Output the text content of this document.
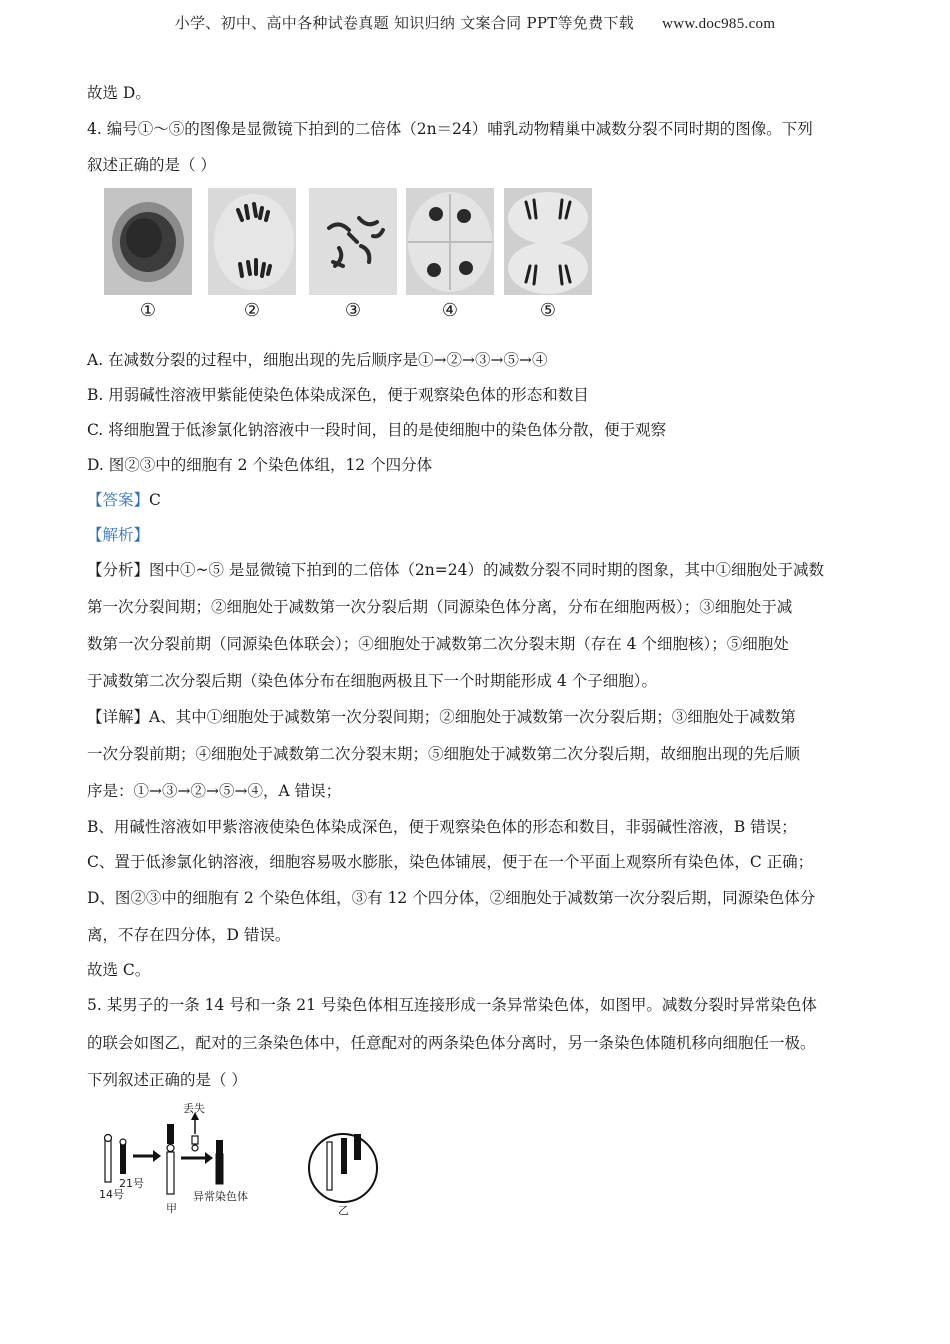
小学、初中、高中各种试卷真题 知识归纳 文案合同 PPT等免费下载 www.doc985.com
故选 D。
4. 编号①～⑤的图像是显微镜下拍到的二倍体（2n＝24）哺乳动物精巢中减数分裂不同时期的图像。下列
叙述正确的是（ ）
①	②	③	④	⑤
A. 在减数分裂的过程中，细胞出现的先后顺序是①→②→③→⑤→④
B. 用弱碱性溶液甲紫能使染色体染成深色，便于观察染色体的形态和数目
C. 将细胞置于低渗氯化钠溶液中一段时间，目的是使细胞中的染色体分散，便于观察
D. 图②③中的细胞有 2 个染色体组，12 个四分体
【答案】C
【解析】
【分析】图中①~⑤ 是显微镜下拍到的二倍体（2n=24）的减数分裂不同时期的图象，其中①细胞处于减数
第一次分裂间期；②细胞处于减数第一次分裂后期（同源染色体分离，分布在细胞两极）；③细胞处于减
数第一次分裂前期（同源染色体联会）；④细胞处于减数第二次分裂末期（存在 4 个细胞核）；⑤细胞处
于减数第二次分裂后期（染色体分布在细胞两极且下一个时期能形成 4 个子细胞）。
【详解】A、其中①细胞处于减数第一次分裂间期；②细胞处于减数第一次分裂后期；③细胞处于减数第
一次分裂前期；④细胞处于减数第二次分裂末期；⑤细胞处于减数第二次分裂后期，故细胞出现的先后顺
序是：①→③→②→⑤→④，A 错误；
B、用碱性溶液如甲紫溶液使染色体染成深色，便于观察染色体的形态和数目，非弱碱性溶液，B 错误；
C、置于低渗氯化钠溶液，细胞容易吸水膨胀，染色体铺展，便于在一个平面上观察所有染色体，C 正确；
D、图②③中的细胞有 2 个染色体组，③有 12 个四分体，②细胞处于减数第一次分裂后期，同源染色体分
离，不存在四分体，D 错误。
故选 C。
5. 某男子的一条 14 号和一条 21 号染色体相互连接形成一条异常染色体，如图甲。减数分裂时异常染色体
的联会如图乙，配对的三条染色体中，任意配对的两条染色体分离时，另一条染色体随机移向细胞任一极。
下列叙述正确的是（ ）
丢失
14号
21号
甲
异常染色体
乙
